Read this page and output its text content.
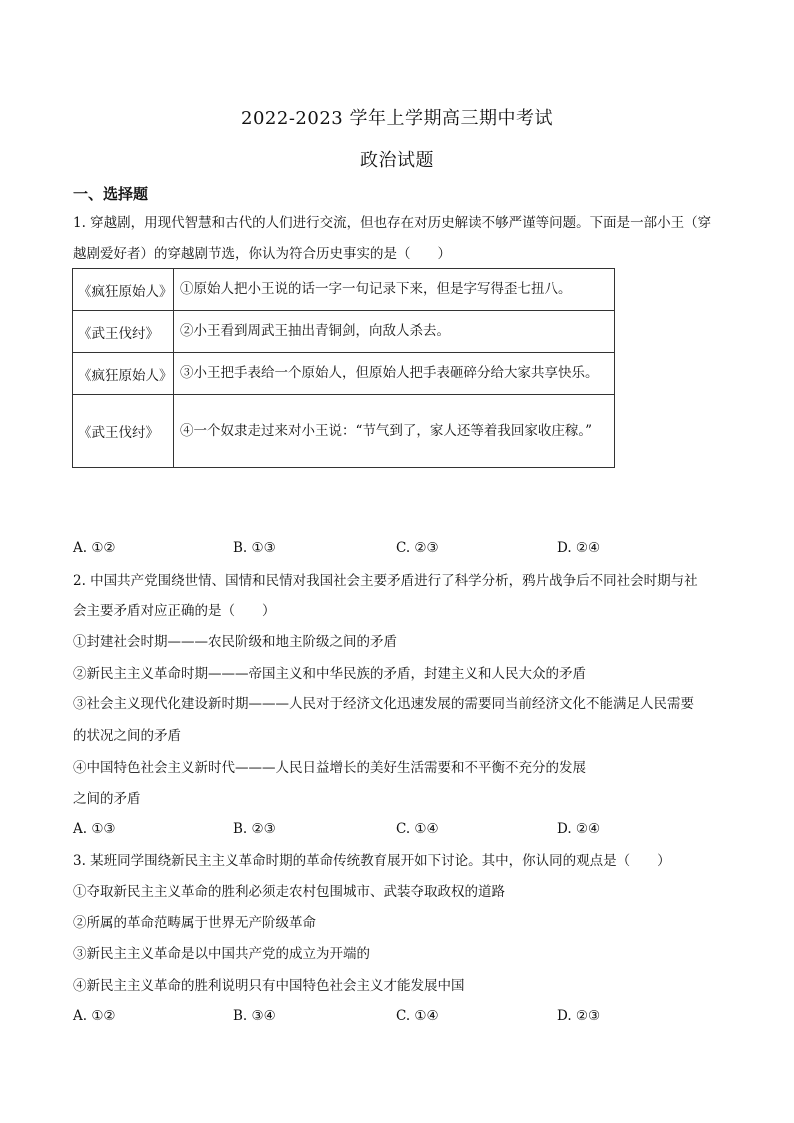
2022-2023 学年上学期高三期中考试
政治试题
一、选择题
1. 穿越剧，用现代智慧和古代的人们进行交流，但也存在对历史解读不够严谨等问题。下面是一部小王（穿
越剧爱好者）的穿越剧节选，你认为符合历史事实的是（　　）
《疯狂原始人》	①原始人把小王说的话一字一句记录下来，但是字写得歪七扭八。
《武王伐纣》	②小王看到周武王抽出青铜剑，向敌人杀去。
《疯狂原始人》	③小王把手表给一个原始人，但原始人把手表砸碎分给大家共享快乐。
《武王伐纣》	④一个奴隶走过来对小王说：“节气到了，家人还等着我回家收庄稼。”
A. ①②	B. ①③	C. ②③	D. ②④
2. 中国共产党围绕世情、国情和民情对我国社会主要矛盾进行了科学分析，鸦片战争后不同社会时期与社
会主要矛盾对应正确的是（　　）
①封建社会时期———农民阶级和地主阶级之间的矛盾
②新民主主义革命时期———帝国主义和中华民族的矛盾，封建主义和人民大众的矛盾
③社会主义现代化建设新时期———人民对于经济文化迅速发展的需要同当前经济文化不能满足人民需要
的状况之间的矛盾
④中国特色社会主义新时代———人民日益增长的美好生活需要和不平衡不充分的发展
之间的矛盾
A. ①③	B. ②③	C. ①④	D. ②④
3. 某班同学围绕新民主主义革命时期的革命传统教育展开如下讨论。其中，你认同的观点是（　　）
①夺取新民主主义革命的胜利必须走农村包围城市、武装夺取政权的道路
②所属的革命范畴属于世界无产阶级革命
③新民主主义革命是以中国共产党的成立为开端的
④新民主主义革命的胜利说明只有中国特色社会主义才能发展中国
A. ①②	B. ③④	C. ①④	D. ②③
